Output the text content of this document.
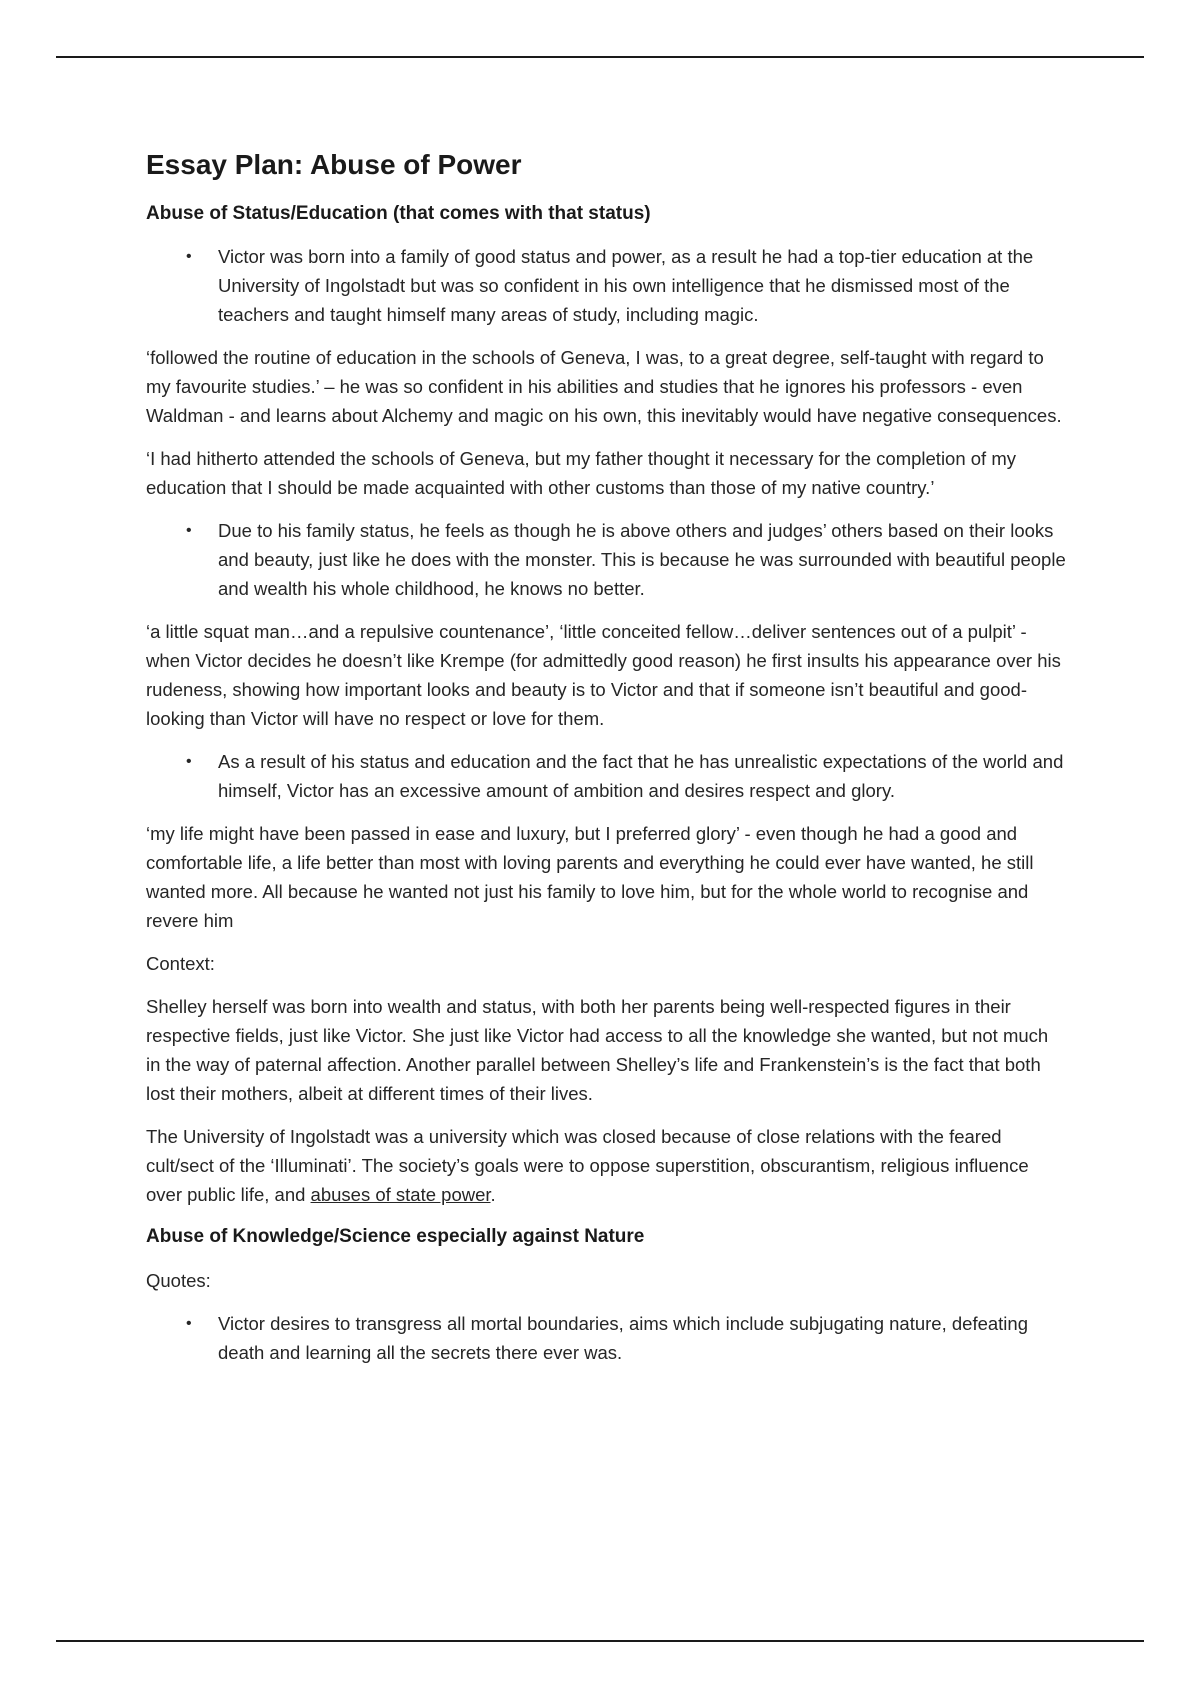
Essay Plan: Abuse of Power
Abuse of Status/Education (that comes with that status)
• Victor was born into a family of good status and power, as a result he had a top-tier education at the University of Ingolstadt but was so confident in his own intelligence that he dismissed most of the teachers and taught himself many areas of study, including magic.

‘followed the routine of education in the schools of Geneva, I was, to a great degree, self-taught with regard to my favourite studies.’ – he was so confident in his abilities and studies that he ignores his professors - even Waldman - and learns about Alchemy and magic on his own, this inevitably would have negative consequences.

‘I had hitherto attended the schools of Geneva, but my father thought it necessary for the completion of my education that I should be made acquainted with other customs than those of my native country.’

• Due to his family status, he feels as though he is above others and judges’ others based on their looks and beauty, just like he does with the monster. This is because he was surrounded with beautiful people and wealth his whole childhood, he knows no better.

‘a little squat man…and a repulsive countenance’, ‘little conceited fellow…deliver sentences out of a pulpit’ - when Victor decides he doesn’t like Krempe (for admittedly good reason) he first insults his appearance over his rudeness, showing how important looks and beauty is to Victor and that if someone isn’t beautiful and good-looking than Victor will have no respect or love for them.

• As a result of his status and education and the fact that he has unrealistic expectations of the world and himself, Victor has an excessive amount of ambition and desires respect and glory.

‘my life might have been passed in ease and luxury, but I preferred glory’ - even though he had a good and comfortable life, a life better than most with loving parents and everything he could ever have wanted, he still wanted more. All because he wanted not just his family to love him, but for the whole world to recognise and revere him

Context:

Shelley herself was born into wealth and status, with both her parents being well-respected figures in their respective fields, just like Victor. She just like Victor had access to all the knowledge she wanted, but not much in the way of paternal affection. Another parallel between Shelley’s life and Frankenstein’s is the fact that both lost their mothers, albeit at different times of their lives.

The University of Ingolstadt was a university which was closed because of close relations with the feared cult/sect of the ‘Illuminati’. The society’s goals were to oppose superstition, obscurantism, religious influence over public life, and abuses of state power.

Abuse of Knowledge/Science especially against Nature

Quotes:

• Victor desires to transgress all mortal boundaries, aims which include subjugating nature, defeating death and learning all the secrets there ever was.
